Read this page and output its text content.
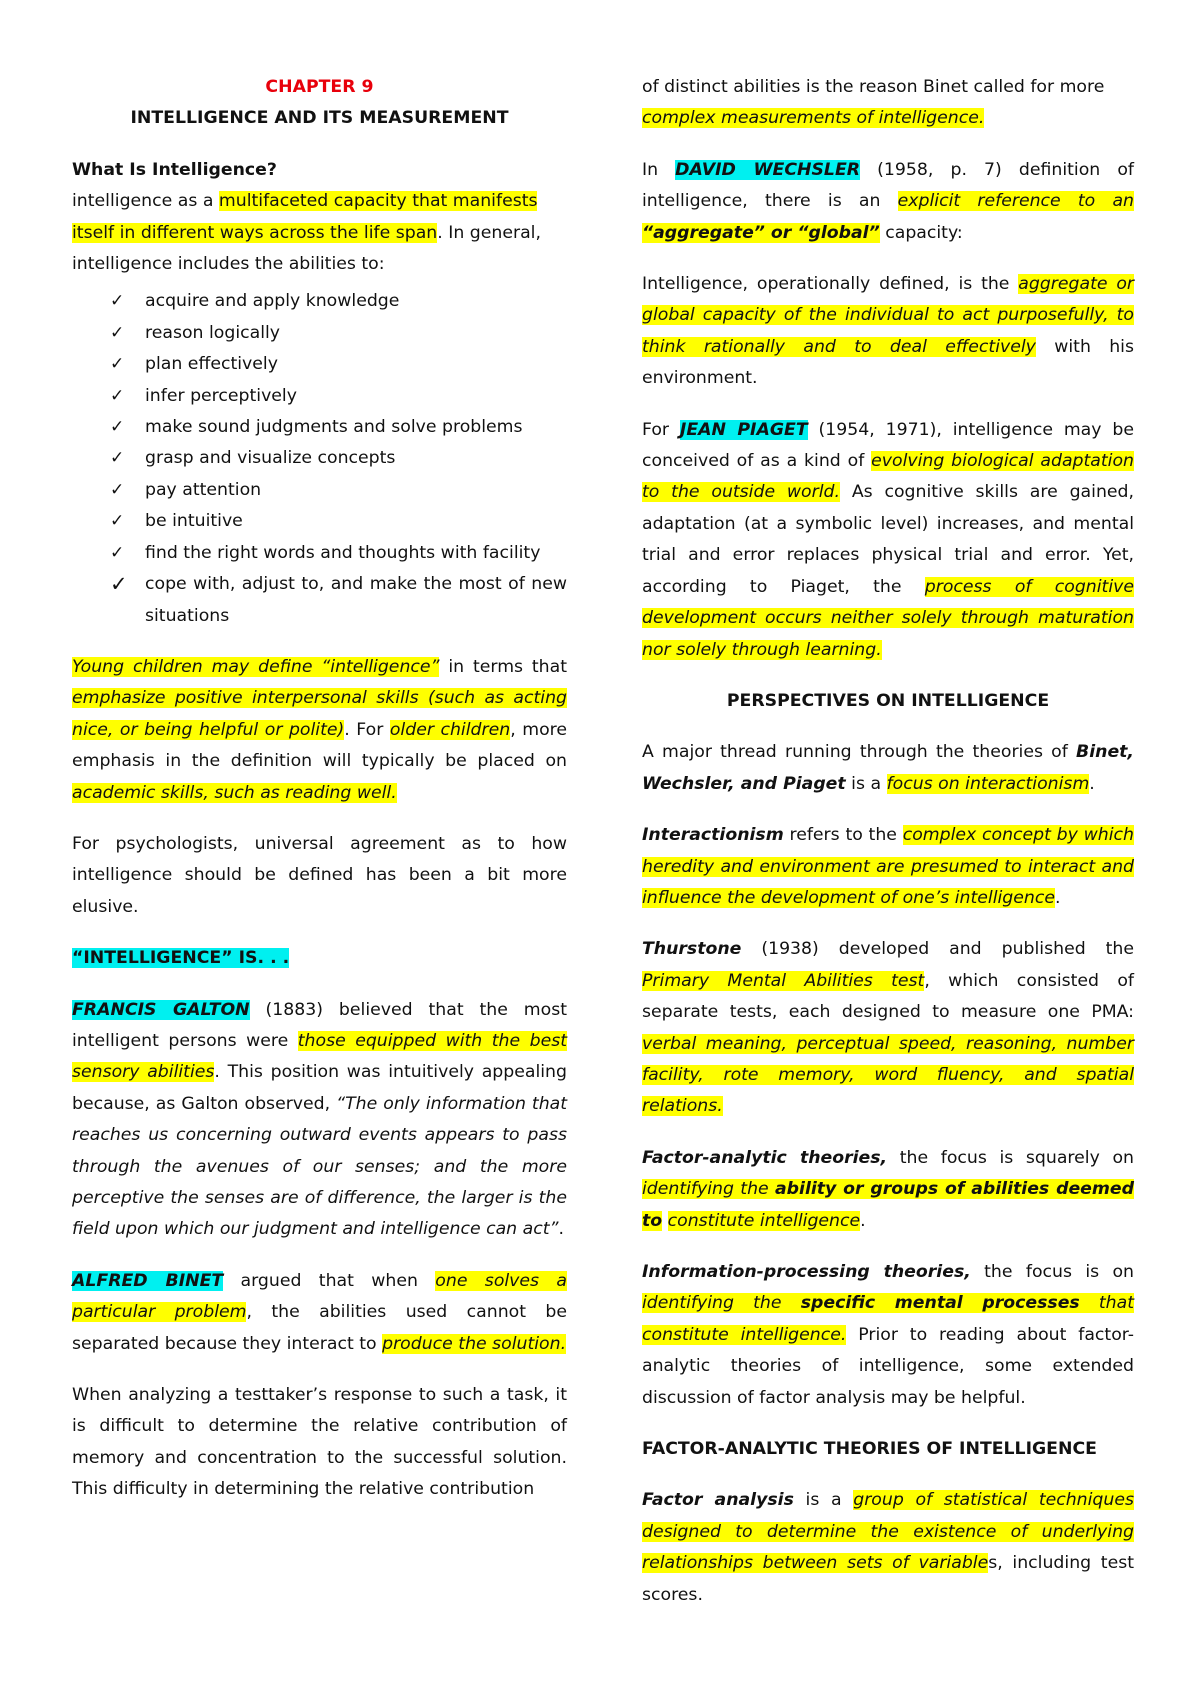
CHAPTER 9

INTELLIGENCE AND ITS MEASUREMENT

What Is Intelligence?

intelligence as a multifaceted capacity that manifests itself in different ways across the life span. In general, intelligence includes the abilities to:

✓ acquire and apply knowledge
✓ reason logically
✓ plan effectively
✓ infer perceptively
✓ make sound judgments and solve problems
✓ grasp and visualize concepts
✓ pay attention
✓ be intuitive
✓ find the right words and thoughts with facility
✓ cope with, adjust to, and make the most of new situations

Young children may define “intelligence” in terms that emphasize positive interpersonal skills (such as acting nice, or being helpful or polite). For older children, more emphasis in the definition will typically be placed on academic skills, such as reading well.

For psychologists, universal agreement as to how intelligence should be defined has been a bit more elusive.

“INTELLIGENCE” IS. . .

FRANCIS GALTON (1883) believed that the most intelligent persons were those equipped with the best sensory abilities. This position was intuitively appealing because, as Galton observed, “The only information that reaches us concerning outward events appears to pass through the avenues of our senses; and the more perceptive the senses are of difference, the larger is the field upon which our judgment and intelligence can act”.

ALFRED BINET argued that when one solves a particular problem, the abilities used cannot be separated because they interact to produce the solution.

When analyzing a testtaker’s response to such a task, it is difficult to determine the relative contribution of memory and concentration to the successful solution. This difficulty in determining the relative contribution

of distinct abilities is the reason Binet called for more complex measurements of intelligence.

In DAVID WECHSLER (1958, p. 7) definition of intelligence, there is an explicit reference to an “aggregate” or “global” capacity:

Intelligence, operationally defined, is the aggregate or global capacity of the individual to act purposefully, to think rationally and to deal effectively with his environment.

For JEAN PIAGET (1954, 1971), intelligence may be conceived of as a kind of evolving biological adaptation to the outside world. As cognitive skills are gained, adaptation (at a symbolic level) increases, and mental trial and error replaces physical trial and error. Yet, according to Piaget, the process of cognitive development occurs neither solely through maturation nor solely through learning.

PERSPECTIVES ON INTELLIGENCE

A major thread running through the theories of Binet, Wechsler, and Piaget is a focus on interactionism.

Interactionism refers to the complex concept by which heredity and environment are presumed to interact and influence the development of one’s intelligence.

Thurstone (1938) developed and published the Primary Mental Abilities test, which consisted of separate tests, each designed to measure one PMA: verbal meaning, perceptual speed, reasoning, number facility, rote memory, word fluency, and spatial relations.

Factor-analytic theories, the focus is squarely on identifying the ability or groups of abilities deemed to constitute intelligence.

Information-processing theories, the focus is on identifying the specific mental processes that constitute intelligence. Prior to reading about factor-analytic theories of intelligence, some extended discussion of factor analysis may be helpful.

FACTOR-ANALYTIC THEORIES OF INTELLIGENCE

Factor analysis is a group of statistical techniques designed to determine the existence of underlying relationships between sets of variables, including test scores.
